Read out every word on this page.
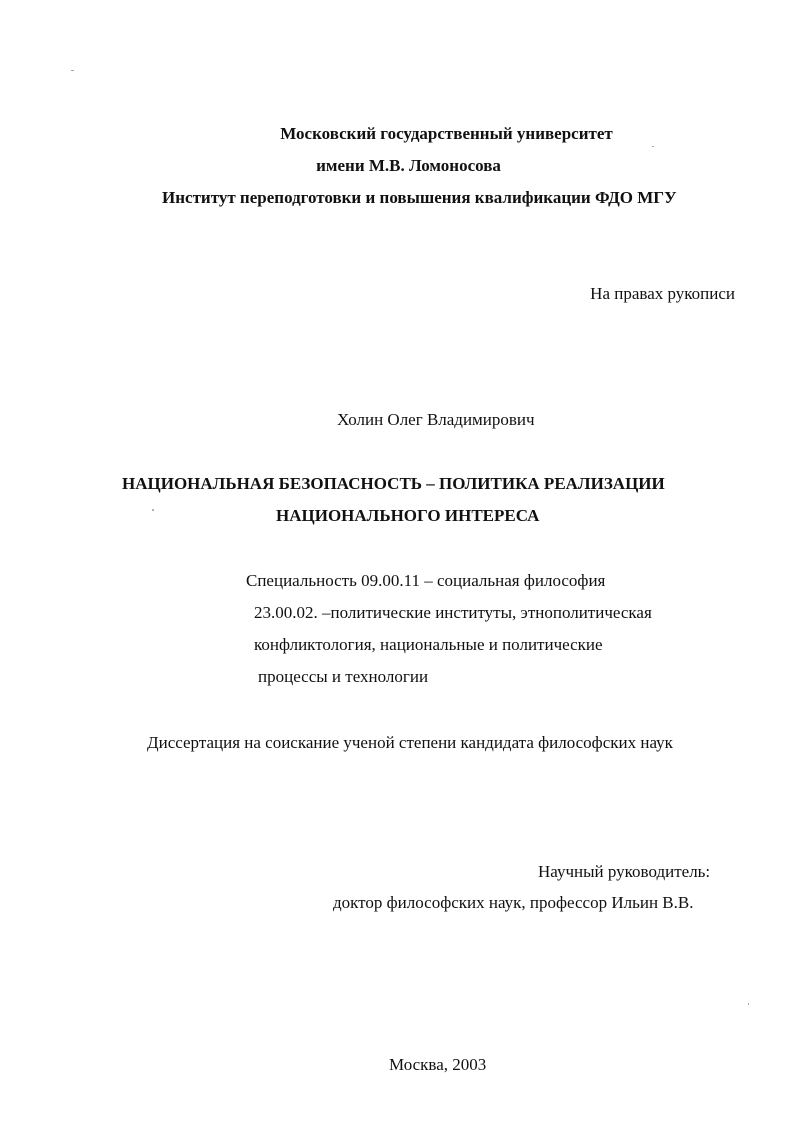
Московский государственный университет
имени М.В. Ломоносова
Институт переподготовки и повышения квалификации ФДО МГУ
На правах рукописи
Холин Олег Владимирович
НАЦИОНАЛЬНАЯ БЕЗОПАСНОСТЬ – ПОЛИТИКА РЕАЛИЗАЦИИ
НАЦИОНАЛЬНОГО ИНТЕРЕСА
Специальность 09.00.11 – социальная философия
23.00.02. –политические институты, этнополитическая
конфликтология, национальные и политические
процессы и технологии
Диссертация на соискание ученой степени кандидата философских наук
Научный руководитель:
доктор философских наук, профессор Ильин В.В.
Москва, 2003
